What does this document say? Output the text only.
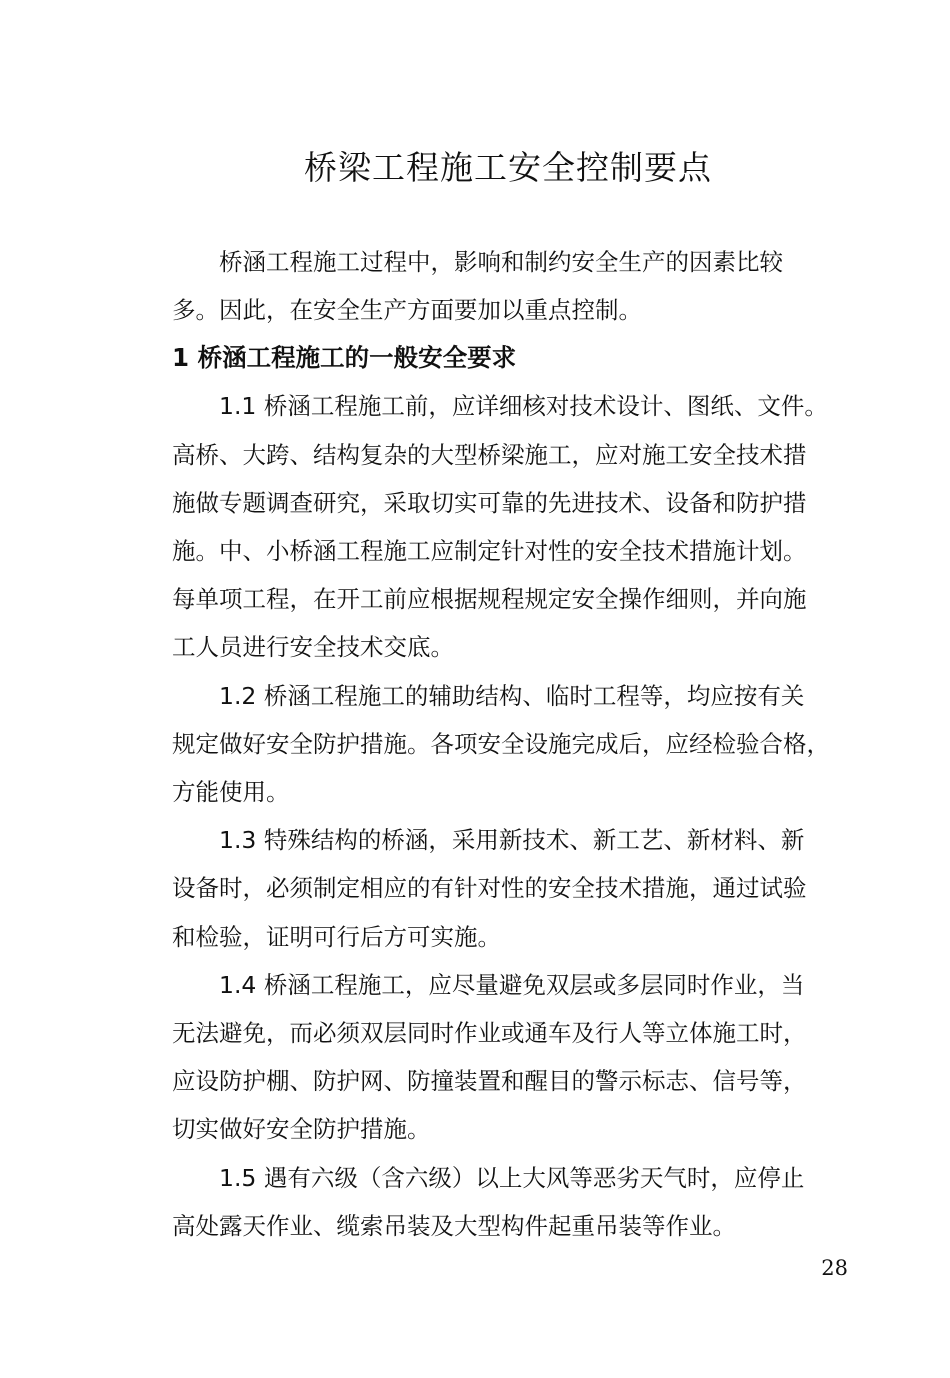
桥梁工程施工安全控制要点

桥涵工程施工过程中，影响和制约安全生产的因素比较
多。因此，在安全生产方面要加以重点控制。

1 桥涵工程施工的一般安全要求

1.1 桥涵工程施工前，应详细核对技术设计、图纸、文件。
高桥、大跨、结构复杂的大型桥梁施工，应对施工安全技术措
施做专题调查研究，采取切实可靠的先进技术、设备和防护措
施。中、小桥涵工程施工应制定针对性的安全技术措施计划。
每单项工程，在开工前应根据规程规定安全操作细则，并向施
工人员进行安全技术交底。

1.2 桥涵工程施工的辅助结构、临时工程等，均应按有关
规定做好安全防护措施。各项安全设施完成后，应经检验合格，
方能使用。

1.3 特殊结构的桥涵，采用新技术、新工艺、新材料、新
设备时，必须制定相应的有针对性的安全技术措施，通过试验
和检验，证明可行后方可实施。

1.4 桥涵工程施工，应尽量避免双层或多层同时作业，当
无法避免，而必须双层同时作业或通车及行人等立体施工时，
应设防护棚、防护网、防撞装置和醒目的警示标志、信号等，
切实做好安全防护措施。

1.5 遇有六级（含六级）以上大风等恶劣天气时，应停止
高处露天作业、缆索吊装及大型构件起重吊装等作业。

28
